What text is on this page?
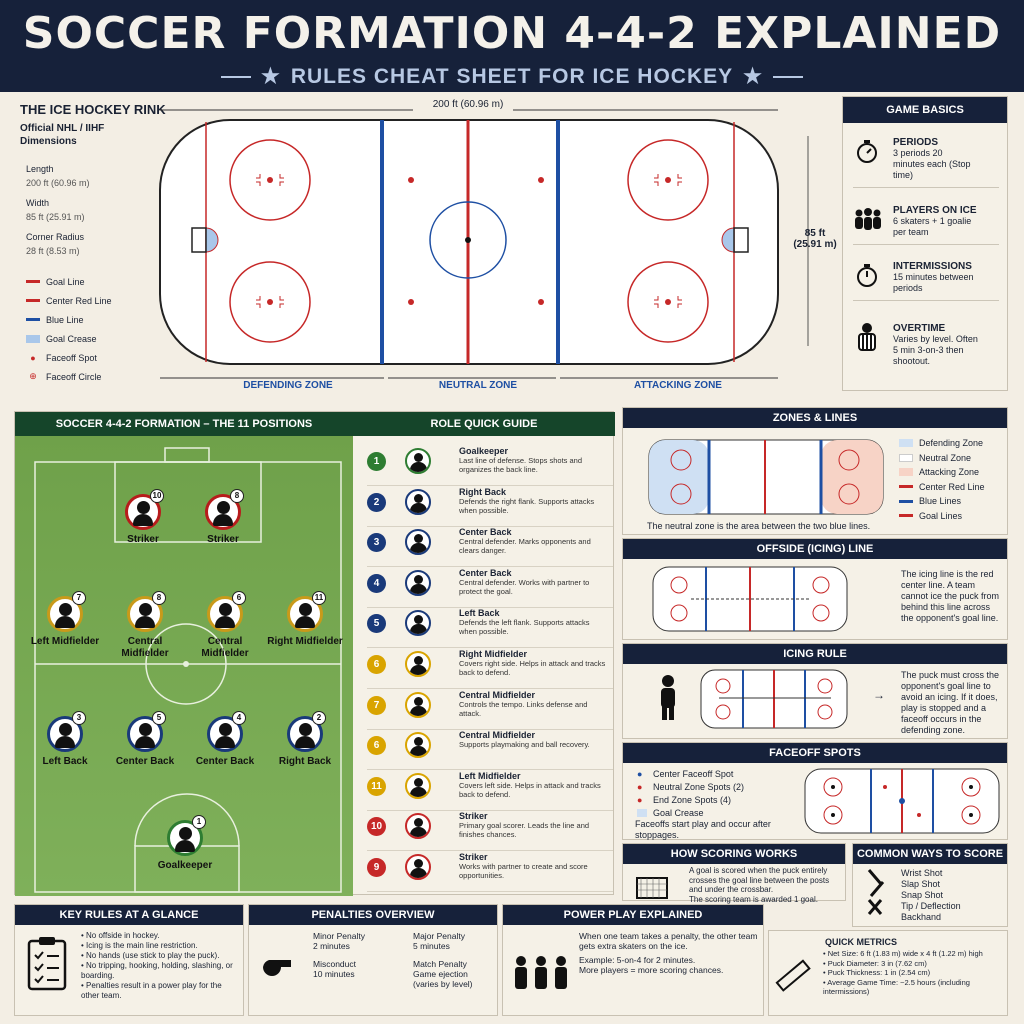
SOCCER FORMATION 4-4-2 EXPLAINED
★ RULES CHEAT SHEET FOR ICE HOCKEY ★
THE ICE HOCKEY RINK
Official NHL / IIHF Dimensions
Length
200 ft (60.96 m)
Width
85 ft (25.91 m)
Corner Radius
28 ft (8.53 m)
Goal Line
Center Red Line
Blue Line
Goal Crease
●	Faceoff Spot
⊕	Faceoff Circle
200 ft (60.96 m)
85 ft
(25.91 m)
DEFENDING ZONE	NEUTRAL ZONE	ATTACKING ZONE
GAME BASICS
PERIODS
3 periods 20 minutes each (Stop time)
PLAYERS ON ICE
6 skaters + 1 goalie per team
INTERMISSIONS
15 minutes between periods
OVERTIME
Varies by level. Often 5 min 3-on-3 then shootout.
SOCCER 4-4-2 FORMATION – THE 11 POSITIONS
10
Striker
8
Striker
7
Left Midfielder
8
Central Midfielder
6
Central Midfielder
11
Right Midfielder
3
Left Back
5
Center Back
4
Center Back
2
Right Back
1
Goalkeeper
ROLE QUICK GUIDE
1
Goalkeeper
Last line of defense. Stops shots and organizes the back line.
2
Right Back
Defends the right flank. Supports attacks when possible.
3
Center Back
Central defender. Marks opponents and clears danger.
4
Center Back
Central defender. Works with partner to protect the goal.
5
Left Back
Defends the left flank. Supports attacks when possible.
6
Right Midfielder
Covers right side. Helps in attack and tracks back to defend.
7
Central Midfielder
Controls the tempo. Links defense and attack.
6
Central Midfielder
Supports playmaking and ball recovery.
11
Left Midfielder
Covers left side. Helps in attack and tracks back to defend.
10
Striker
Primary goal scorer. Leads the line and finishes chances.
9
Striker
Works with partner to create and score opportunities.
ZONES & LINES
The neutral zone is the area between the two blue lines.
Defending Zone
Neutral Zone
Attacking Zone
Center Red Line
Blue Lines
Goal Lines
OFFSIDE (ICING) LINE
The icing line is the red center line. A team cannot ice the puck from behind this line across the opponent's goal line.
ICING RULE
→
The puck must cross the opponent's goal line to avoid an icing. If it does, play is stopped and a faceoff occurs in the defending zone.
FACEOFF SPOTS
●	Center Faceoff Spot
●	Neutral Zone Spots (2)
●	End Zone Spots (4)
Goal Crease
Faceoffs start play and occur after stoppages.
HOW SCORING WORKS
A goal is scored when the puck entirely crosses the goal line between the posts and under the crossbar.
The scoring team is awarded 1 goal.
COMMON WAYS TO SCORE
Wrist Shot
Slap Shot
Snap Shot
Tip / Deflection
Backhand
KEY RULES AT A GLANCE
• No offside in hockey.
• Icing is the main line restriction.
• No hands (use stick to play the puck).
• No tripping, hooking, holding, slashing, or boarding.
• Penalties result in a power play for the other team.
PENALTIES OVERVIEW
Minor Penalty
2 minutes
Major Penalty
5 minutes
Misconduct
10 minutes
Match Penalty
Game ejection (varies by level)
POWER PLAY EXPLAINED
When one team takes a penalty, the other team gets extra skaters on the ice.
Example: 5-on-4 for 2 minutes.
More players = more scoring chances.
QUICK METRICS
• Net Size: 6 ft (1.83 m) wide x 4 ft (1.22 m) high
• Puck Diameter: 3 in (7.62 cm)
• Puck Thickness: 1 in (2.54 cm)
• Average Game Time: ~2.5 hours (including intermissions)
